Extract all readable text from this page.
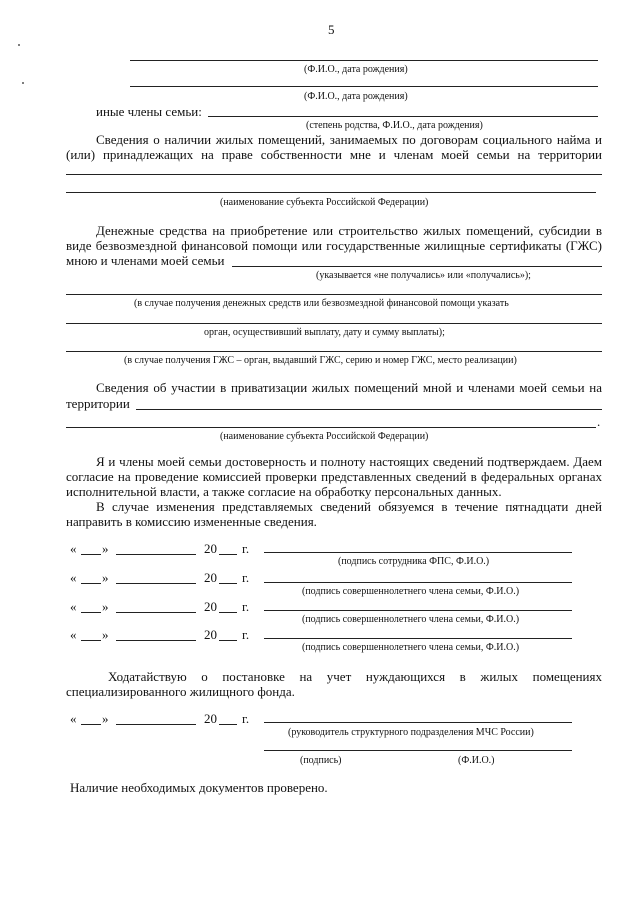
5
(Ф.И.О., дата рождения)
(Ф.И.О., дата рождения)
иные члены семьи:
(степень родства, Ф.И.О., дата рождения)
Сведения о наличии жилых помещений, занимаемых по договорам социального найма и
(или) принадлежащих на праве собственности мне и членам моей семьи на территории
(наименование субъекта Российской Федерации)
Денежные средства на приобретение или строительство жилых помещений, субсидии в
виде безвозмездной финансовой помощи или государственные жилищные сертификаты (ГЖС)
мною и членами моей семьи
(указывается «не получались» или «получались»);
(в случае получения денежных средств или безвозмездной финансовой помощи указать
орган, осуществивший выплату, дату и сумму выплаты);
(в случае получения ГЖС – орган, выдавший ГЖС, серию и номер ГЖС, место реализации)
Сведения об участии в приватизации жилых помещений мной и членами моей семьи на
территории
.
(наименование субъекта Российской Федерации)
Я и члены моей семьи достоверность и полноту настоящих сведений подтверждаем. Даем
согласие на проведение комиссией проверки представленных сведений в федеральных органах
исполнительной власти, а также согласие на обработку персональных данных.
В случае изменения представляемых сведений обязуемся в течение пятнадцати дней
направить в комиссию измененные сведения.
« »	20 г.
(подпись сотрудника ФПС, Ф.И.О.)
« »	20 г.
(подпись совершеннолетнего члена семьи, Ф.И.О.)
« »	20 г.
(подпись совершеннолетнего члена семьи, Ф.И.О.)
« »	20 г.
(подпись совершеннолетнего члена семьи, Ф.И.О.)
Ходатайствую о постановке на учет нуждающихся в жилых помещениях
специализированного жилищного фонда.
« »	20 г.
(руководитель структурного подразделения МЧС России)
(подпись)	(Ф.И.О.)
Наличие необходимых документов проверено.
